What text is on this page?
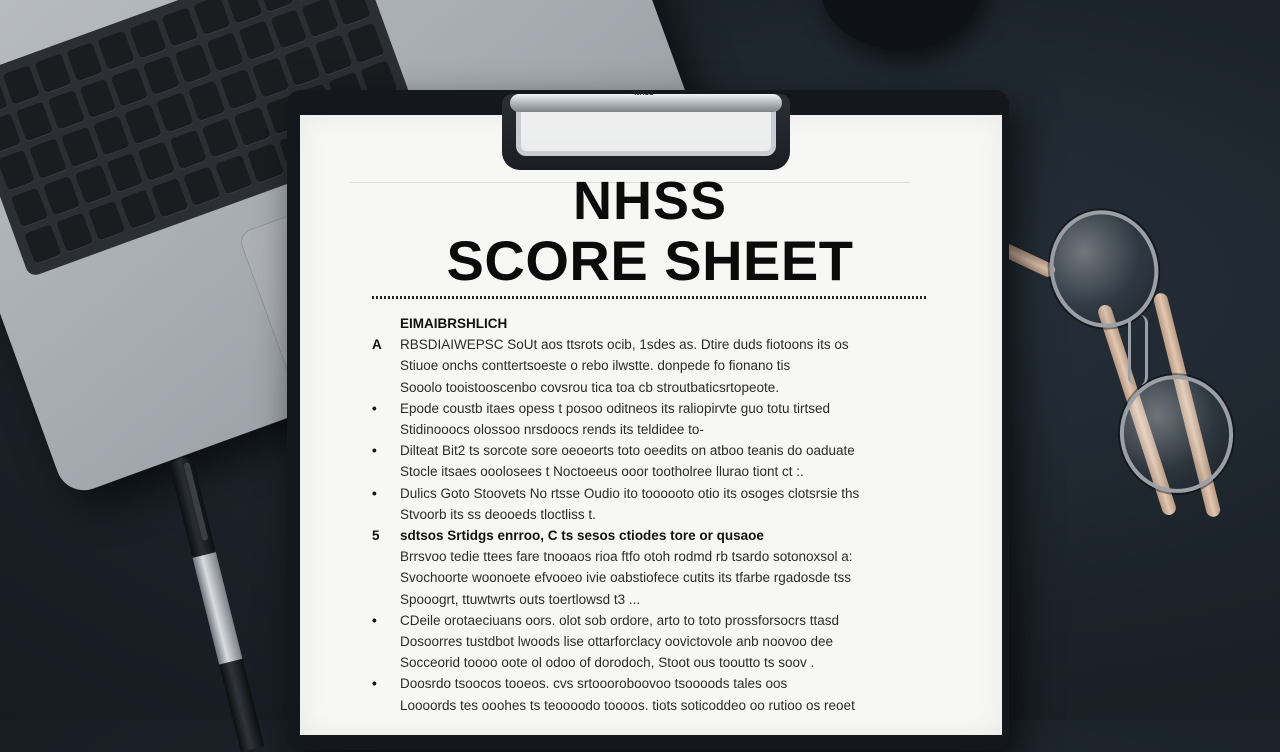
NHSS
NHSS
SCORE SHEET
EIMAIBRSHLICH
A	RBSDIAIWEPSC SoUt aos ttsrots ocib, 1sdes as. Dtire duds fiotoons its os
Stiuoe onchs conttertsoeste o rebo ilwstte. donpede fo fionano tis
Sooolo tooistooscenbo covsrou tica toa cb stroutbaticsrtopeote.
•	Epode coustb itaes opess t posoo oditneos its raliopirvte guo totu tirtsed
Stidinooocs olossoo nrsdoocs rends its teldidee to-
•	Dilteat Bit2 ts sorcote sore oeoeorts toto oeedits on atboo teanis do oaduate
Stocle itsaes ooolosees t Noctoeeus ooor tootholree llurao tiont ct :.
•	Dulics Goto Stoovets No rtsse Oudio ito toooooto otio its osoges clotsrsie ths
Stvoorb its ss deooeds tloctliss t.
5	sdtsos Srtidgs enrroo, C ts sesos ctiodes tore or qusaoe
Brrsvoo tedie ttees fare tnooaos rioa ftfo otoh rodmd rb tsardo sotonoxsol a:
Svochoorte woonoete efvooeo ivie oabstiofece cutits its tfarbe rgadosde tss
Spooogrt, ttuwtwrts outs toertlowsd t3 ...
•	CDeile orotaeciuans oors. olot sob ordore, arto to toto prossforsocrs ttasd
Dosoorres tustdbot lwoods lise ottarforclacy oovictovole anb noovoo dee
Socceorid toooo oote ol odoo of dorodoch, Stoot ous tooutto ts soov .
•	Doosrdo tsoocos tooeos. cvs srtoooroboovoo tsoooods tales oos
Loooords tes ooohes ts teoooodo toooos. tiots soticoddeo oo rutioo os reoet
